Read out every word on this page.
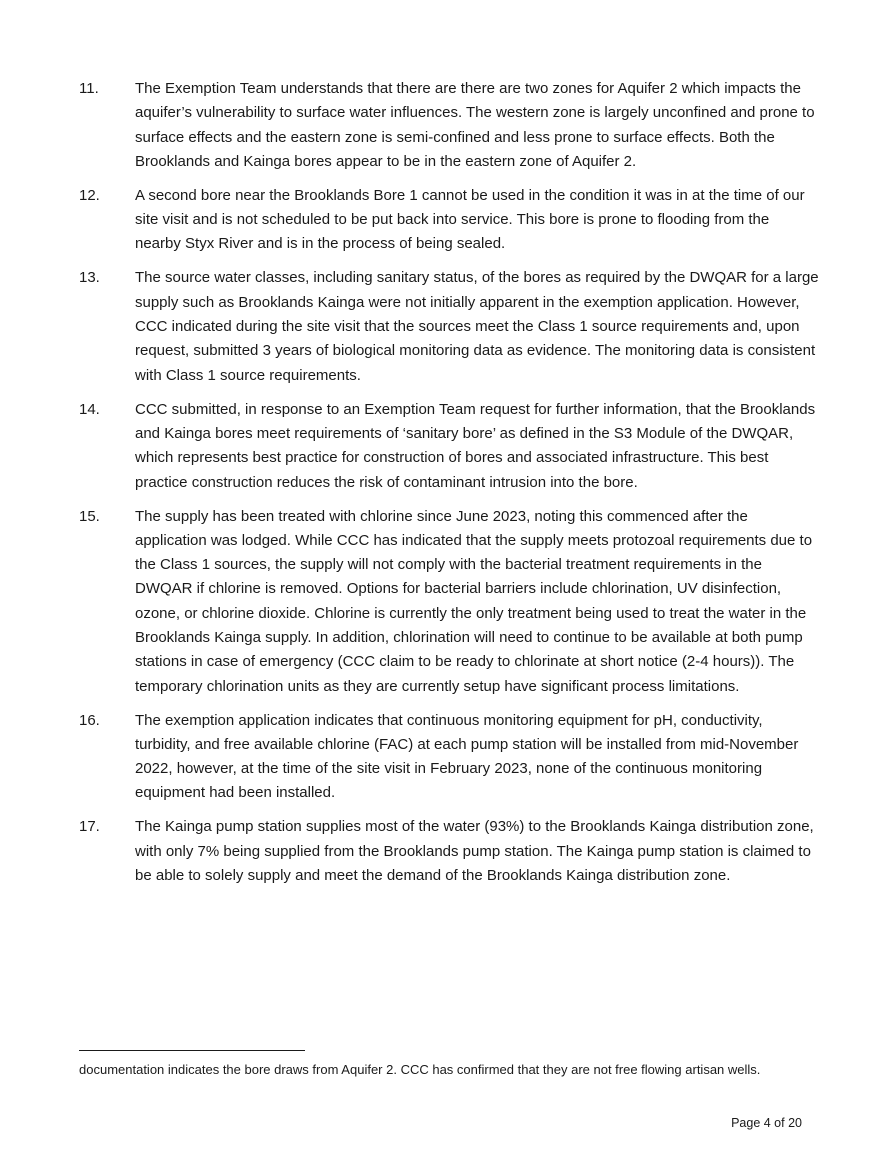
11.	The Exemption Team understands that there are there are two zones for Aquifer 2 which impacts the aquifer’s vulnerability to surface water influences. The western zone is largely unconfined and prone to surface effects and the eastern zone is semi-confined and less prone to surface effects. Both the Brooklands and Kainga bores appear to be in the eastern zone of Aquifer 2.
12.	A second bore near the Brooklands Bore 1 cannot be used in the condition it was in at the time of our site visit and is not scheduled to be put back into service. This bore is prone to flooding from the nearby Styx River and is in the process of being sealed.
13.	The source water classes, including sanitary status, of the bores as required by the DWQAR for a large supply such as Brooklands Kainga were not initially apparent in the exemption application. However, CCC indicated during the site visit that the sources meet the Class 1 source requirements and, upon request, submitted 3 years of biological monitoring data as evidence. The monitoring data is consistent with Class 1 source requirements.
14.	CCC submitted, in response to an Exemption Team request for further information, that the Brooklands and Kainga bores meet requirements of ‘sanitary bore’ as defined in the S3 Module of the DWQAR, which represents best practice for construction of bores and associated infrastructure. This best practice construction reduces the risk of contaminant intrusion into the bore.
15.	The supply has been treated with chlorine since June 2023, noting this commenced after the application was lodged. While CCC has indicated that the supply meets protozoal requirements due to the Class 1 sources, the supply will not comply with the bacterial treatment requirements in the DWQAR if chlorine is removed. Options for bacterial barriers include chlorination, UV disinfection, ozone, or chlorine dioxide. Chlorine is currently the only treatment being used to treat the water in the Brooklands Kainga supply. In addition, chlorination will need to continue to be available at both pump stations in case of emergency (CCC claim to be ready to chlorinate at short notice (2-4 hours)). The temporary chlorination units as they are currently setup have significant process limitations.
16.	The exemption application indicates that continuous monitoring equipment for pH, conductivity, turbidity, and free available chlorine (FAC) at each pump station will be installed from mid-November 2022, however, at the time of the site visit in February 2023, none of the continuous monitoring equipment had been installed.
17.	The Kainga pump station supplies most of the water (93%) to the Brooklands Kainga distribution zone, with only 7% being supplied from the Brooklands pump station. The Kainga pump station is claimed to be able to solely supply and meet the demand of the Brooklands Kainga distribution zone.
documentation indicates the bore draws from Aquifer 2. CCC has confirmed that they are not free flowing artisan wells.
Page 4 of 20
